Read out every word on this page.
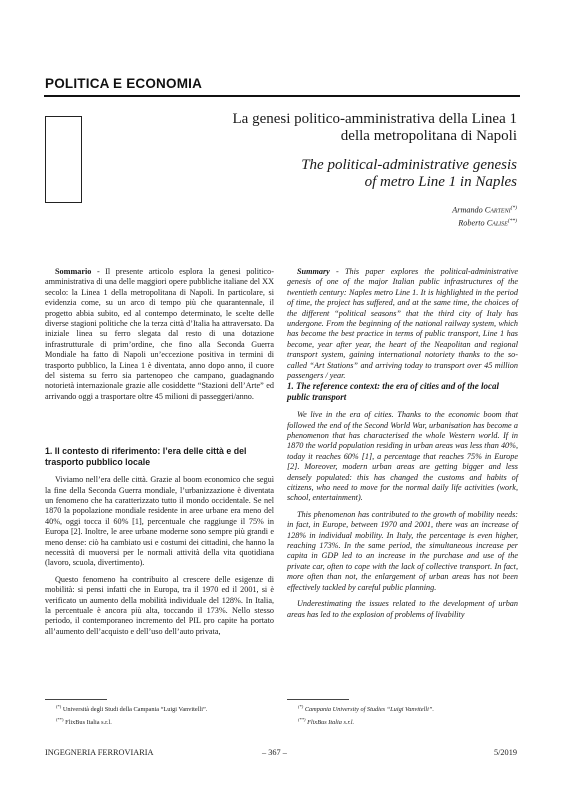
POLITICA E ECONOMIA
La genesi politico-amministrativa della Linea 1
della metropolitana di Napoli
The political-administrative genesis
of metro Line 1 in Naples
Armando Carteni(*)
Roberto Calise(**)

Sommario - Il presente articolo esplora la genesi politico-amministrativa di una delle maggiori opere pubbliche italiane del XX secolo: la Linea 1 della metropolitana di Napoli. In particolare, si evidenzia come, su un arco di tempo più che quarantennale, il progetto abbia subito, ed al contempo determinato, le scelte delle diverse stagioni politiche che la terza città d’Italia ha attraversato. Da iniziale linea su ferro slegata dal resto di una dotazione infrastrutturale di prim’ordine, che fino alla Seconda Guerra Mondiale ha fatto di Napoli un’eccezione positiva in termini di trasporto pubblico, la Linea 1 è diventata, anno dopo anno, il cuore del sistema su ferro sia partenopeo che campano, guadagnando notorietà internazionale grazie alle cosiddette “Stazioni dell’Arte” ed arrivando oggi a trasportare oltre 45 milioni di passeggeri/anno.

1. Il contesto di riferimento: l’era delle città e del trasporto pubblico locale

Viviamo nell’era delle città. Grazie al boom economico che seguì la fine della Seconda Guerra mondiale, l’urbanizzazione è diventata un fenomeno che ha caratterizzato tutto il mondo occidentale. Se nel 1870 la popolazione mondiale residente in aree urbane era meno del 40%, oggi tocca il 60% [1], percentuale che raggiunge il 75% in Europa [2]. Inoltre, le aree urbane moderne sono sempre più grandi e meno dense: ciò ha cambiato usi e costumi dei cittadini, che hanno la necessità di muoversi per le normali attività della vita quotidiana (lavoro, scuola, divertimento).

Questo fenomeno ha contribuito al crescere delle esigenze di mobilità: si pensi infatti che in Europa, tra il 1970 ed il 2001, si è verificato un aumento della mobilità individuale del 128%. In Italia, la percentuale è ancora più alta, toccando il 173%. Nello stesso periodo, il contemporaneo incremento del PIL pro capite ha portato all’aumento dell’acquisto e dell’uso dell’auto privata,

Summary - This paper explores the political-administrative genesis of one of the major Italian public infrastructures of the twentieth century: Naples metro Line 1. It is highlighted in the period of time, the project has suffered, and at the same time, the choices of the different “political seasons” that the third city of Italy has undergone. From the beginning of the national railway system, which has become the best practice in terms of public transport, Line 1 has become, year after year, the heart of the Neapolitan and regional transport system, gaining international notoriety thanks to the so-called “Art Stations” and arriving today to transport over 45 million passengers / year.

1. The reference context: the era of cities and of the local public transport

We live in the era of cities. Thanks to the economic boom that followed the end of the Second World War, urbanisation has become a phenomenon that has characterised the whole Western world. If in 1870 the world population residing in urban areas was less than 40%, today it reaches 60% [1], a percentage that reaches 75% in Europe [2]. Moreover, modern urban areas are getting bigger and less densely populated: this has changed the customs and habits of citizens, who need to move for the normal daily life activities (work, school, entertainment).

This phenomenon has contributed to the growth of mobility needs: in fact, in Europe, between 1970 and 2001, there was an increase of 128% in individual mobility. In Italy, the percentage is even higher, reaching 173%. In the same period, the simultaneous increase per capita in GDP led to an increase in the purchase and use of the private car, often to cope with the lack of collective transport. In fact, more often than not, the enlargement of urban areas has not been effectively tackled by careful public planning.

Underestimating the issues related to the development of urban areas has led to the explosion of problems of livability

(*) Università degli Studi della Campania “Luigi Vanvitelli”.
(**) FlixBus Italia s.r.l.
(*) Campania University of Studies “Luigi Vanvitelli”.
(**) FlixBus Italia s.r.l.
INGEGNERIA FERROVIARIA	– 367 –	5/2019
